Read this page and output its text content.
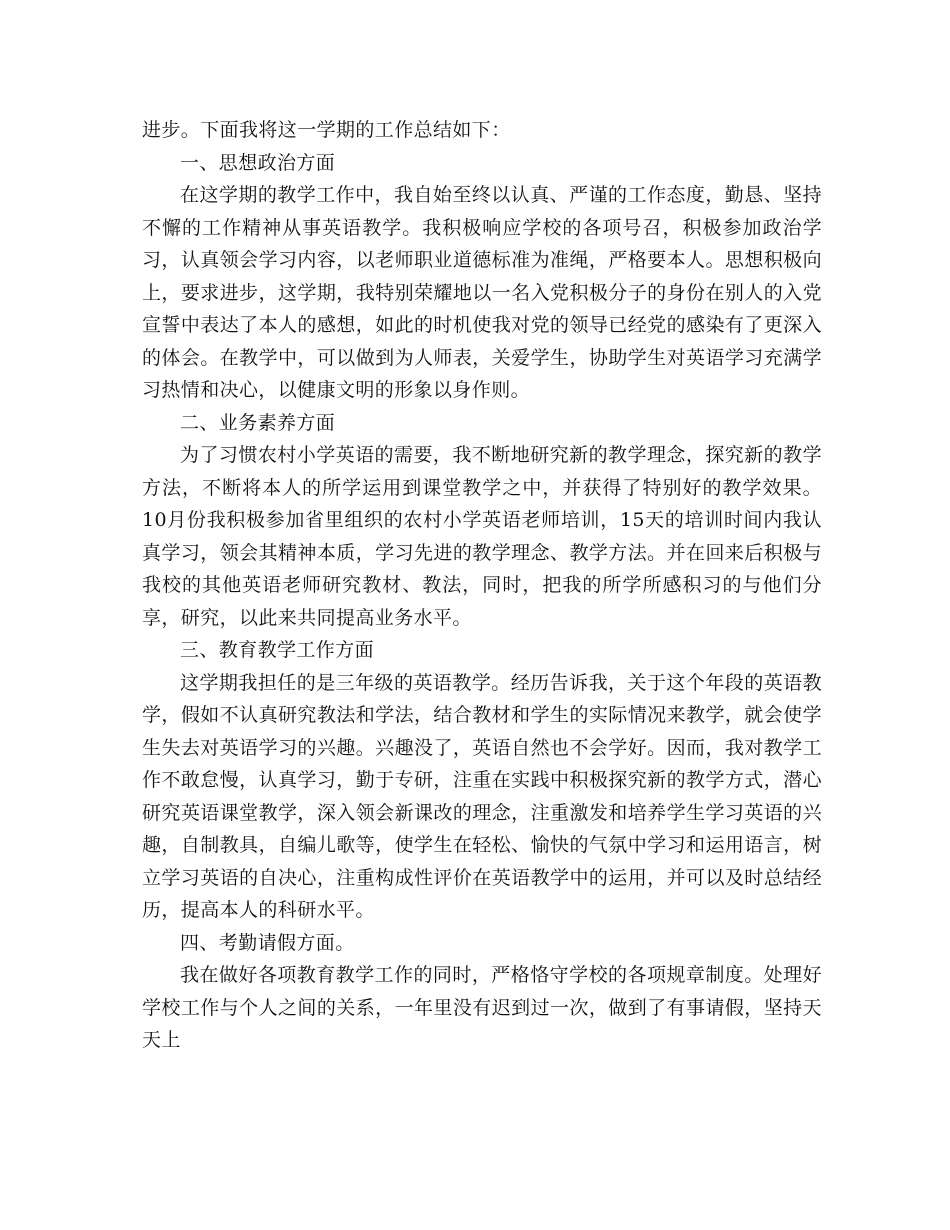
进步。下面我将这一学期的工作总结如下：

一、思想政治方面

在这学期的教学工作中，我自始至终以认真、严谨的工作态度，勤恳、坚持不懈的工作精神从事英语教学。我积极响应学校的各项号召，积极参加政治学习，认真领会学习内容，以老师职业道德标准为准绳，严格要本人。思想积极向上，要求进步，这学期，我特别荣耀地以一名入党积极分子的身份在别人的入党宣誓中表达了本人的感想，如此的时机使我对党的领导已经党的感染有了更深入的体会。在教学中，可以做到为人师表，关爱学生，协助学生对英语学习充满学习热情和决心，以健康文明的形象以身作则。

二、业务素养方面

为了习惯农村小学英语的需要，我不断地研究新的教学理念，探究新的教学方法，不断将本人的所学运用到课堂教学之中，并获得了特别好的教学效果。10月份我积极参加省里组织的农村小学英语老师培训，15天的培训时间内我认真学习，领会其精神本质，学习先进的教学理念、教学方法。并在回来后积极与我校的其他英语老师研究教材、教法，同时，把我的所学所感积习的与他们分享，研究，以此来共同提高业务水平。

三、教育教学工作方面

这学期我担任的是三年级的英语教学。经历告诉我，关于这个年段的英语教学，假如不认真研究教法和学法，结合教材和学生的实际情况来教学，就会使学生失去对英语学习的兴趣。兴趣没了，英语自然也不会学好。因而，我对教学工作不敢怠慢，认真学习，勤于专研，注重在实践中积极探究新的教学方式，潜心研究英语课堂教学，深入领会新课改的理念，注重激发和培养学生学习英语的兴趣，自制教具，自编儿歌等，使学生在轻松、愉快的气氛中学习和运用语言，树立学习英语的自决心，注重构成性评价在英语教学中的运用，并可以及时总结经历，提高本人的科研水平。

四、考勤请假方面。

我在做好各项教育教学工作的同时，严格恪守学校的各项规章制度。处理好学校工作与个人之间的关系，一年里没有迟到过一次，做到了有事请假，坚持天天上
